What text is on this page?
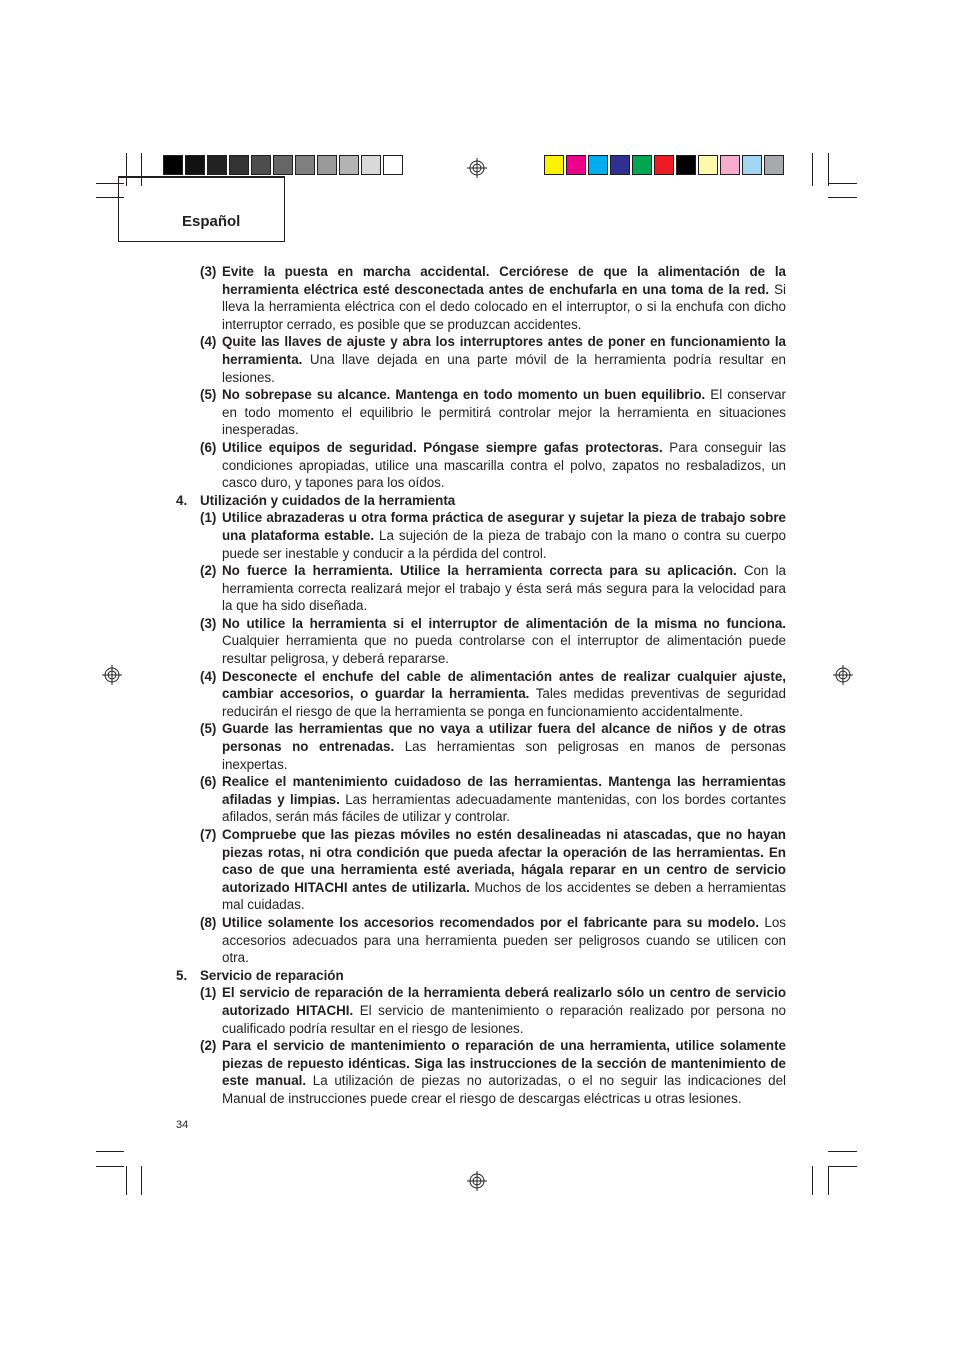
Español
(3) Evite la puesta en marcha accidental. Cerciórese de que la alimentación de la herramienta eléctrica esté desconectada antes de enchufarla en una toma de la red. Si lleva la herramienta eléctrica con el dedo colocado en el interruptor, o si la enchufa con dicho interruptor cerrado, es posible que se produzcan accidentes.
(4) Quite las llaves de ajuste y abra los interruptores antes de poner en funcionamiento la herramienta. Una llave dejada en una parte móvil de la herramienta podría resultar en lesiones.
(5) No sobrepase su alcance. Mantenga en todo momento un buen equilibrio. El conservar en todo momento el equilibrio le permitirá controlar mejor la herramienta en situaciones inesperadas.
(6) Utilice equipos de seguridad. Póngase siempre gafas protectoras. Para conseguir las condiciones apropiadas, utilice una mascarilla contra el polvo, zapatos no resbaladizos, un casco duro, y tapones para los oídos.
4. Utilización y cuidados de la herramienta
(1) Utilice abrazaderas u otra forma práctica de asegurar y sujetar la pieza de trabajo sobre una plataforma estable. La sujeción de la pieza de trabajo con la mano o contra su cuerpo puede ser inestable y conducir a la pérdida del control.
(2) No fuerce la herramienta. Utilice la herramienta correcta para su aplicación. Con la herramienta correcta realizará mejor el trabajo y ésta será más segura para la velocidad para la que ha sido diseñada.
(3) No utilice la herramienta si el interruptor de alimentación de la misma no funciona. Cualquier herramienta que no pueda controlarse con el interruptor de alimentación puede resultar peligrosa, y deberá repararse.
(4) Desconecte el enchufe del cable de alimentación antes de realizar cualquier ajuste, cambiar accesorios, o guardar la herramienta. Tales medidas preventivas de seguridad reducirán el riesgo de que la herramienta se ponga en funcionamiento accidentalmente.
(5) Guarde las herramientas que no vaya a utilizar fuera del alcance de niños y de otras personas no entrenadas. Las herramientas son peligrosas en manos de personas inexpertas.
(6) Realice el mantenimiento cuidadoso de las herramientas. Mantenga las herramientas afiladas y limpias. Las herramientas adecuadamente mantenidas, con los bordes cortantes afilados, serán más fáciles de utilizar y controlar.
(7) Compruebe que las piezas móviles no estén desalineadas ni atascadas, que no hayan piezas rotas, ni otra condición que pueda afectar la operación de las herramientas. En caso de que una herramienta esté averiada, hágala reparar en un centro de servicio autorizado HITACHI antes de utilizarla. Muchos de los accidentes se deben a herramientas mal cuidadas.
(8) Utilice solamente los accesorios recomendados por el fabricante para su modelo. Los accesorios adecuados para una herramienta pueden ser peligrosos cuando se utilicen con otra.
5. Servicio de reparación
(1) El servicio de reparación de la herramienta deberá realizarlo sólo un centro de servicio autorizado HITACHI. El servicio de mantenimiento o reparación realizado por persona no cualificado podría resultar en el riesgo de lesiones.
(2) Para el servicio de mantenimiento o reparación de una herramienta, utilice solamente piezas de repuesto idénticas. Siga las instrucciones de la sección de mantenimiento de este manual. La utilización de piezas no autorizadas, o el no seguir las indicaciones del Manual de instrucciones puede crear el riesgo de descargas eléctricas u otras lesiones.
34
